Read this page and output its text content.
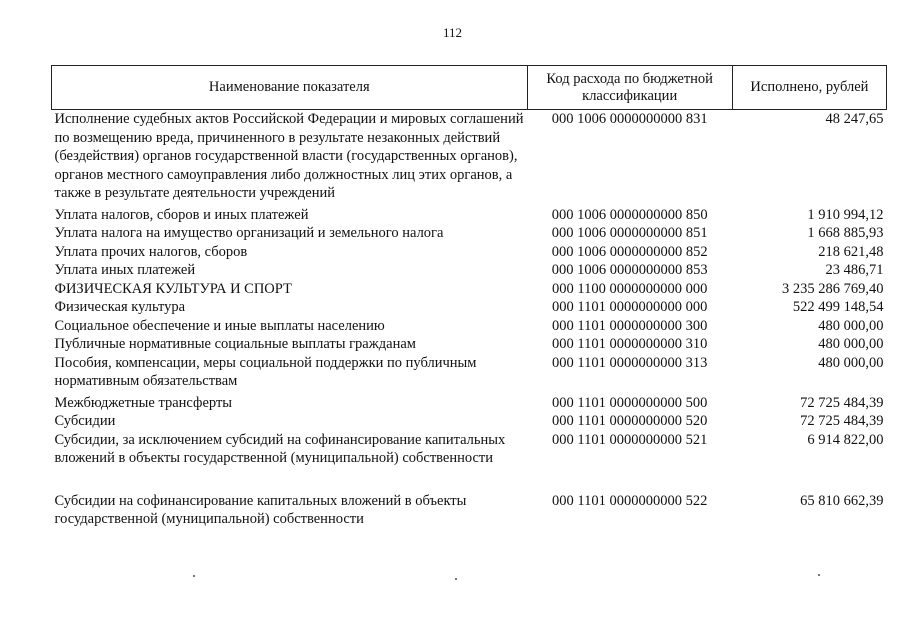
112
Наименование показателя	Код расхода по бюджетной классификации	Исполнено, рублей
Исполнение судебных актов Российской Федерации и мировых соглашений по возмещению вреда, причиненного в результате незаконных действий (бездействия) органов государственной власти (государственных органов), органов местного самоуправления либо должностных лиц этих органов, а также в результате деятельности учреждений	000 1006 0000000000 831	48 247,65
Уплата налогов, сборов и иных платежей	000 1006 0000000000 850	1 910 994,12
Уплата налога на имущество организаций и земельного налога	000 1006 0000000000 851	1 668 885,93
Уплата прочих налогов, сборов	000 1006 0000000000 852	218 621,48
Уплата иных платежей	000 1006 0000000000 853	23 486,71
ФИЗИЧЕСКАЯ КУЛЬТУРА И СПОРТ	000 1100 0000000000 000	3 235 286 769,40
Физическая культура	000 1101 0000000000 000	522 499 148,54
Социальное обеспечение и иные выплаты населению	000 1101 0000000000 300	480 000,00
Публичные нормативные социальные выплаты гражданам	000 1101 0000000000 310	480 000,00
Пособия, компенсации, меры социальной поддержки по публичным нормативным обязательствам	000 1101 0000000000 313	480 000,00
Межбюджетные трансферты	000 1101 0000000000 500	72 725 484,39
Субсидии	000 1101 0000000000 520	72 725 484,39
Субсидии, за исключением субсидий на софинансирование капитальных вложений в объекты государственной (муниципальной) собственности	000 1101 0000000000 521	6 914 822,00
Субсидии на софинансирование капитальных вложений в объекты государственной (муниципальной) собственности	000 1101 0000000000 522	65 810 662,39
